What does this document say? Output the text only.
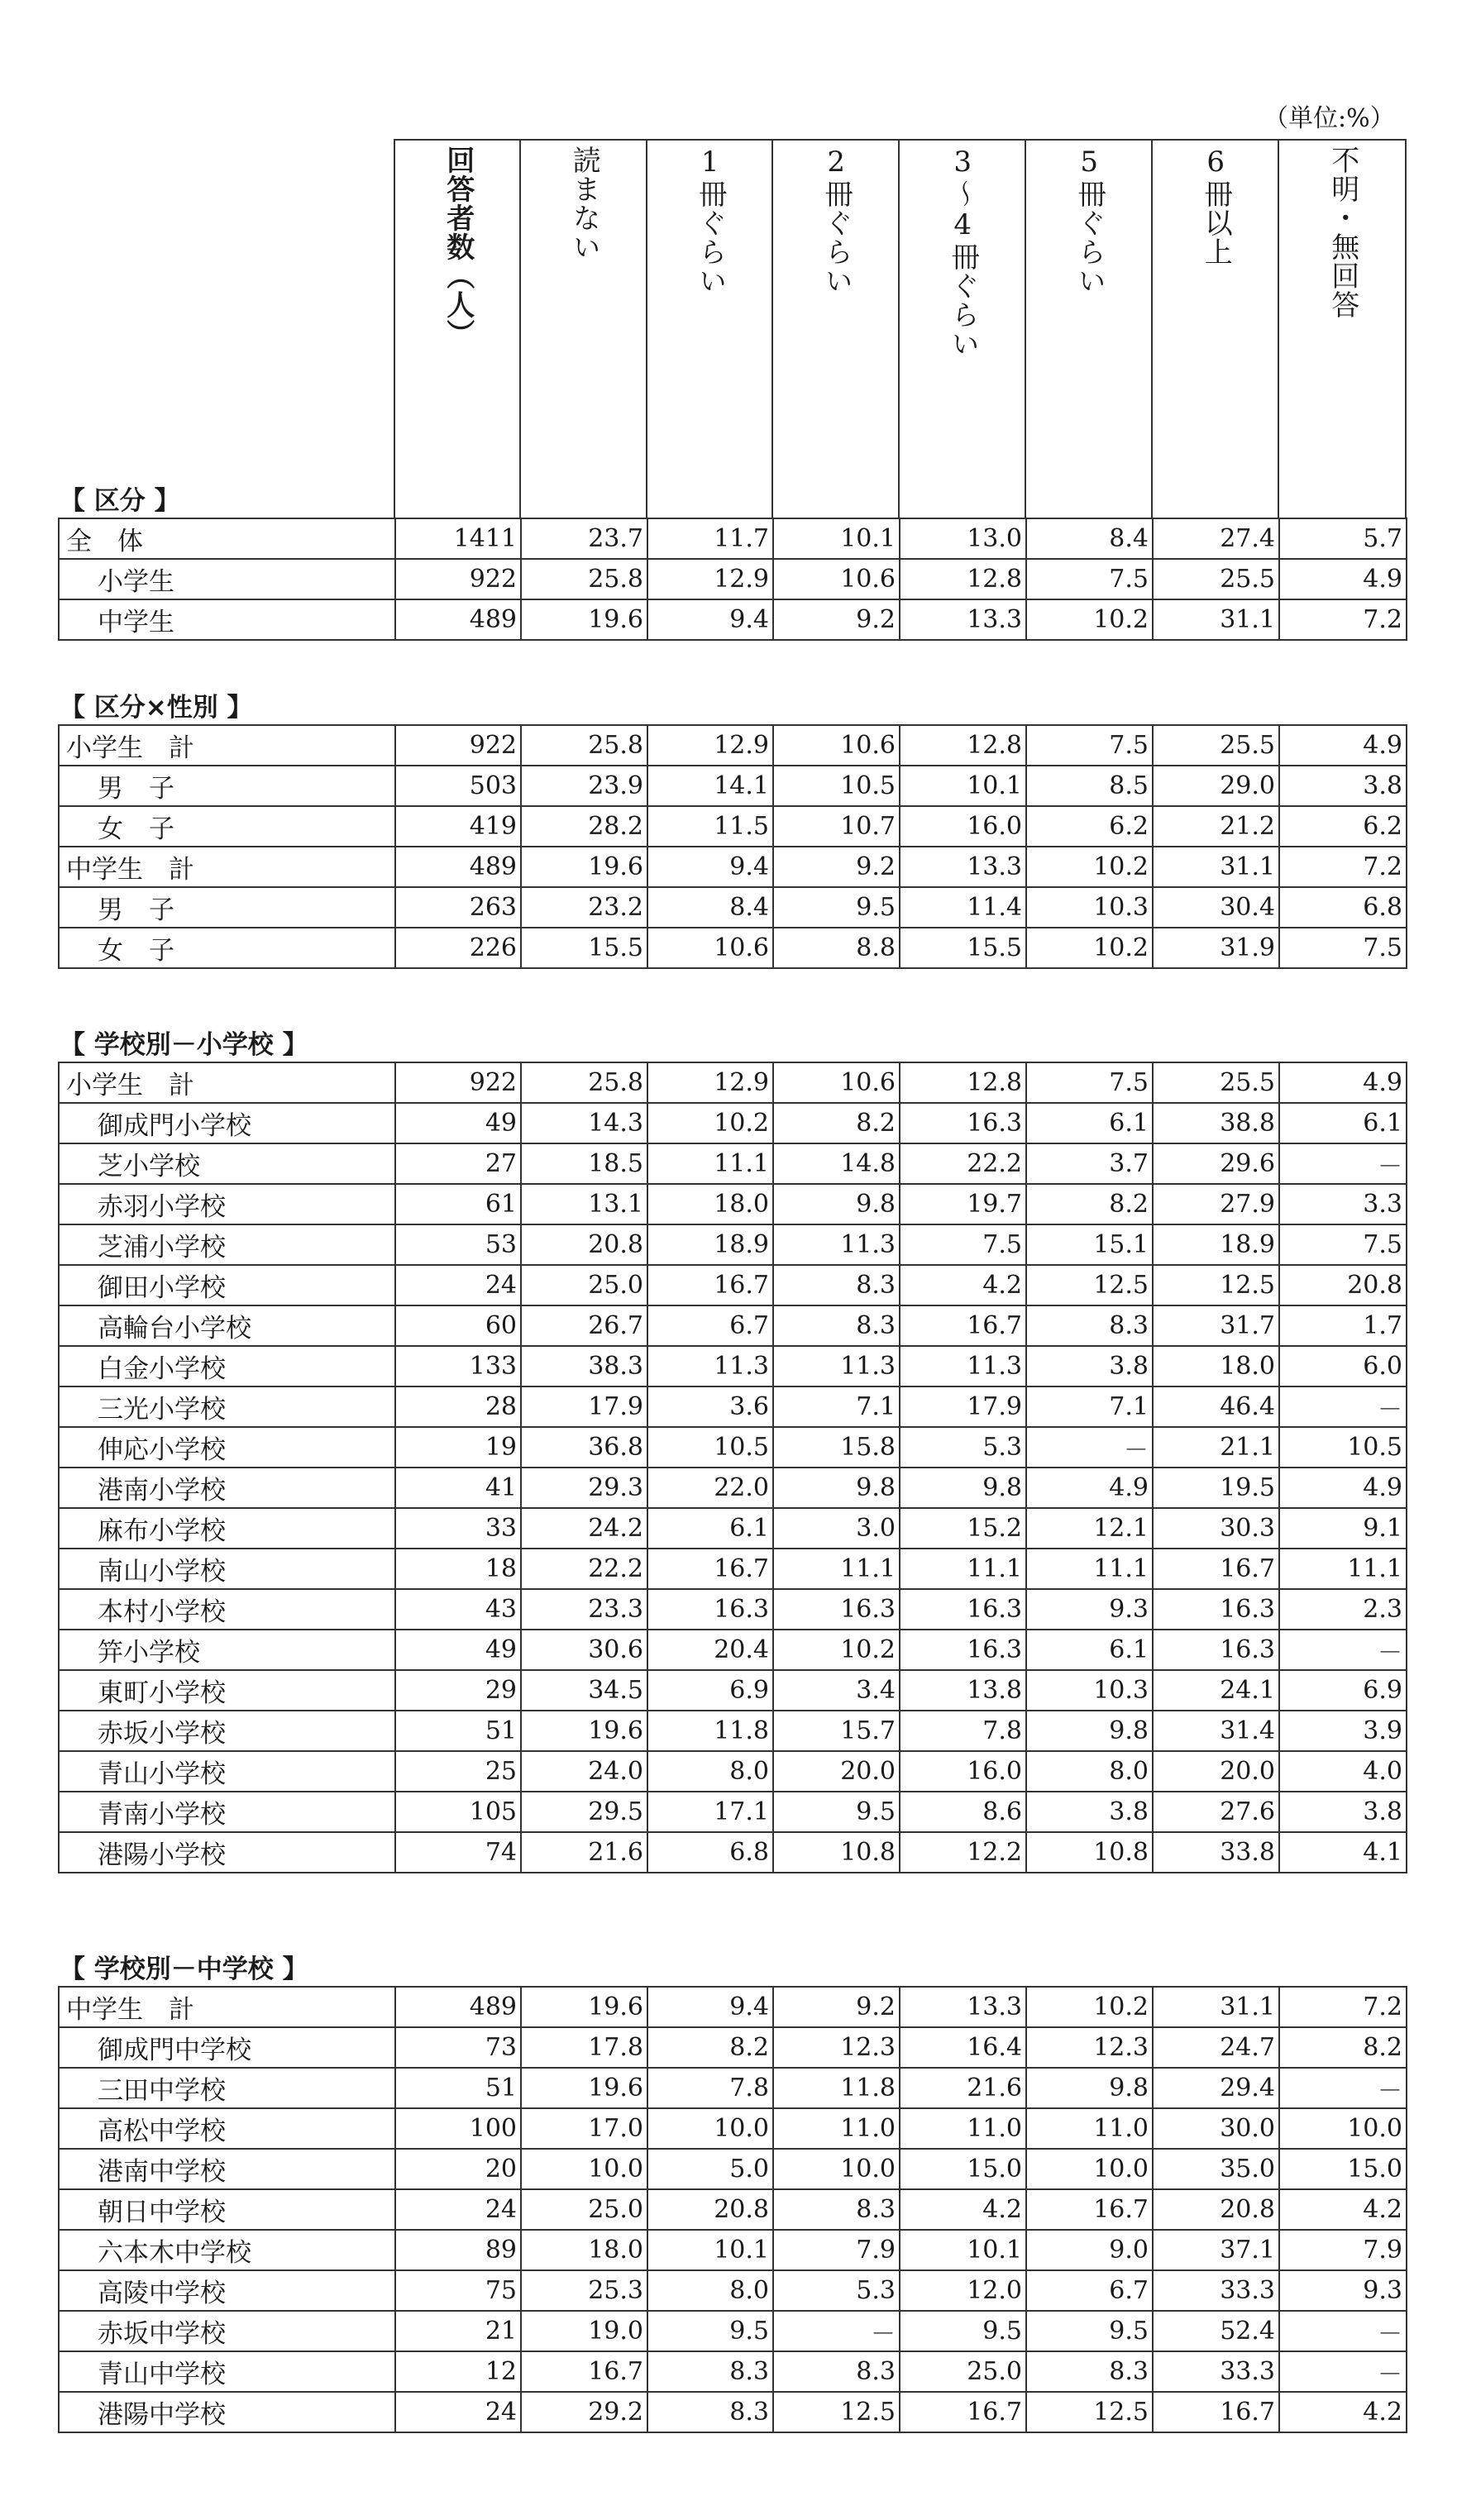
（単位:%）

回答者数（人）	読まない	1冊ぐらい	2冊ぐらい	3～4冊ぐらい	5冊ぐらい	6冊以上	不明・無回答
【 区分 】
全　体	1411	23.7	11.7	10.1	13.0	8.4	27.4	5.7
小学生	922	25.8	12.9	10.6	12.8	7.5	25.5	4.9
中学生	489	19.6	9.4	9.2	13.3	10.2	31.1	7.2
【 区分×性別 】
小学生　計	922	25.8	12.9	10.6	12.8	7.5	25.5	4.9
男　子	503	23.9	14.1	10.5	10.1	8.5	29.0	3.8
女　子	419	28.2	11.5	10.7	16.0	6.2	21.2	6.2
中学生　計	489	19.6	9.4	9.2	13.3	10.2	31.1	7.2
男　子	263	23.2	8.4	9.5	11.4	10.3	30.4	6.8
女　子	226	15.5	10.6	8.8	15.5	10.2	31.9	7.5
【 学校別－小学校 】
小学生　計	922	25.8	12.9	10.6	12.8	7.5	25.5	4.9
御成門小学校	49	14.3	10.2	8.2	16.3	6.1	38.8	6.1
芝小学校	27	18.5	11.1	14.8	22.2	3.7	29.6	－
赤羽小学校	61	13.1	18.0	9.8	19.7	8.2	27.9	3.3
芝浦小学校	53	20.8	18.9	11.3	7.5	15.1	18.9	7.5
御田小学校	24	25.0	16.7	8.3	4.2	12.5	12.5	20.8
高輪台小学校	60	26.7	6.7	8.3	16.7	8.3	31.7	1.7
白金小学校	133	38.3	11.3	11.3	11.3	3.8	18.0	6.0
三光小学校	28	17.9	3.6	7.1	17.9	7.1	46.4	－
伸応小学校	19	36.8	10.5	15.8	5.3	－	21.1	10.5
港南小学校	41	29.3	22.0	9.8	9.8	4.9	19.5	4.9
麻布小学校	33	24.2	6.1	3.0	15.2	12.1	30.3	9.1
南山小学校	18	22.2	16.7	11.1	11.1	11.1	16.7	11.1
本村小学校	43	23.3	16.3	16.3	16.3	9.3	16.3	2.3
笄小学校	49	30.6	20.4	10.2	16.3	6.1	16.3	－
東町小学校	29	34.5	6.9	3.4	13.8	10.3	24.1	6.9
赤坂小学校	51	19.6	11.8	15.7	7.8	9.8	31.4	3.9
青山小学校	25	24.0	8.0	20.0	16.0	8.0	20.0	4.0
青南小学校	105	29.5	17.1	9.5	8.6	3.8	27.6	3.8
港陽小学校	74	21.6	6.8	10.8	12.2	10.8	33.8	4.1
【 学校別－中学校 】
中学生　計	489	19.6	9.4	9.2	13.3	10.2	31.1	7.2
御成門中学校	73	17.8	8.2	12.3	16.4	12.3	24.7	8.2
三田中学校	51	19.6	7.8	11.8	21.6	9.8	29.4	－
高松中学校	100	17.0	10.0	11.0	11.0	11.0	30.0	10.0
港南中学校	20	10.0	5.0	10.0	15.0	10.0	35.0	15.0
朝日中学校	24	25.0	20.8	8.3	4.2	16.7	20.8	4.2
六本木中学校	89	18.0	10.1	7.9	10.1	9.0	37.1	7.9
高陵中学校	75	25.3	8.0	5.3	12.0	6.7	33.3	9.3
赤坂中学校	21	19.0	9.5	－	9.5	9.5	52.4	－
青山中学校	12	16.7	8.3	8.3	25.0	8.3	33.3	－
港陽中学校	24	29.2	8.3	12.5	16.7	12.5	16.7	4.2
